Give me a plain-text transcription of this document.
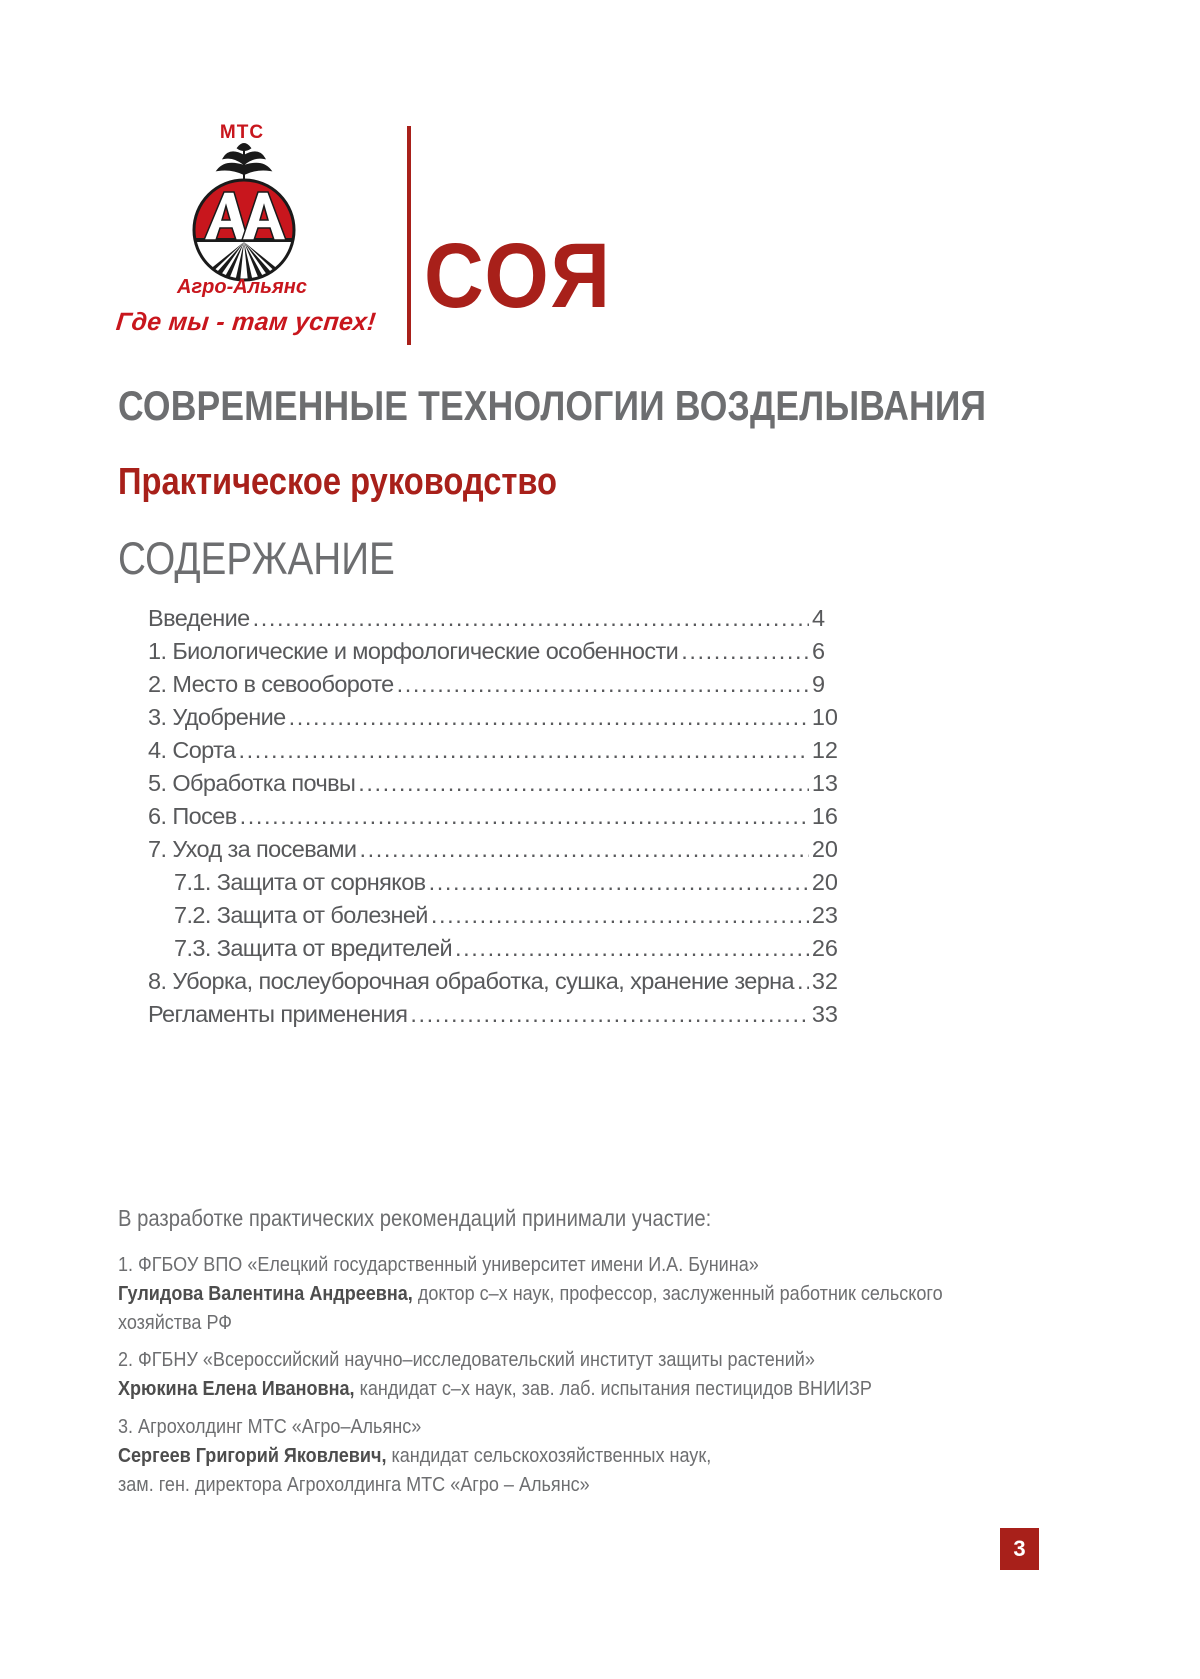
МТС
Агро-Альянс
Где мы - там успех! СОЯ
СОВРЕМЕННЫЕ ТЕХНОЛОГИИ ВОЗДЕЛЫВАНИЯ
Практическое руководство
СОДЕРЖАНИЕ
Введение .....	4
1. Биологические и морфологические особенности .....	6
2. Место в севообороте .....	9
3. Удобрение .....	10
4. Сорта .....	12
5. Обработка почвы .....	13
6. Посев .....	16
7. Уход за посевами .....	20
7.1. Защита от сорняков .....	20
7.2. Защита от болезней .....	23
7.3. Защита от вредителей .....	26
8. Уборка, послеуборочная обработка, сушка, хранение зерна ..... 32
Регламенты применения .....	33
В разработке практических рекомендаций принимали участие:
1. ФГБОУ ВПО «Елецкий государственный университет имени И.А. Бунина»
Гулидова Валентина Андреевна, доктор с–х наук, профессор, заслуженный работник сельского
хозяйства РФ
2. ФГБНУ «Всероссийский научно–исследовательский институт защиты растений»
Хрюкина Елена Ивановна, кандидат с–х наук, зав. лаб. испытания пестицидов ВНИИЗР
3. Агрохолдинг МТС «Агро–Альянс»
Сергеев Григорий Яковлевич, кандидат сельскохозяйственных наук,
зам. ген. директора Агрохолдинга МТС «Агро – Альянс»
3
